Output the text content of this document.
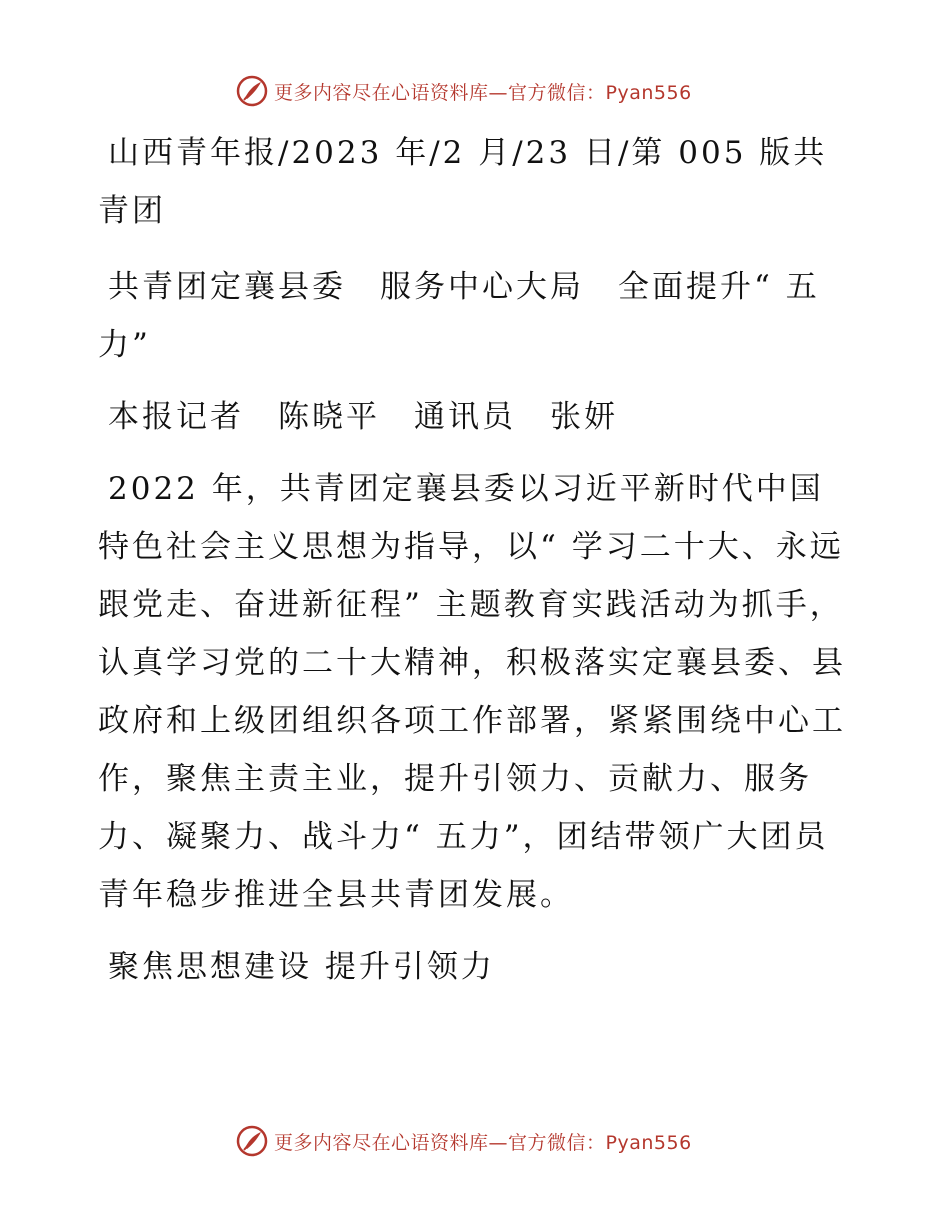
更多内容尽在心语资料库—官方微信：Pyan556

山西青年报/2023 年/2 月/23 日/第 005 版共青团

共青团定襄县委　服务中心大局　全面提升“ 五力”

本报记者　陈晓平　通讯员　张妍

2022 年，共青团定襄县委以习近平新时代中国特色社会主义思想为指导，以“ 学习二十大、永远跟党走、奋进新征程” 主题教育实践活动为抓手，认真学习党的二十大精神，积极落实定襄县委、县政府和上级团组织各项工作部署，紧紧围绕中心工作，聚焦主责主业，提升引领力、贡献力、服务力、凝聚力、战斗力“ 五力”，团结带领广大团员青年稳步推进全县共青团发展。

聚焦思想建设 提升引领力

更多内容尽在心语资料库—官方微信：Pyan556
